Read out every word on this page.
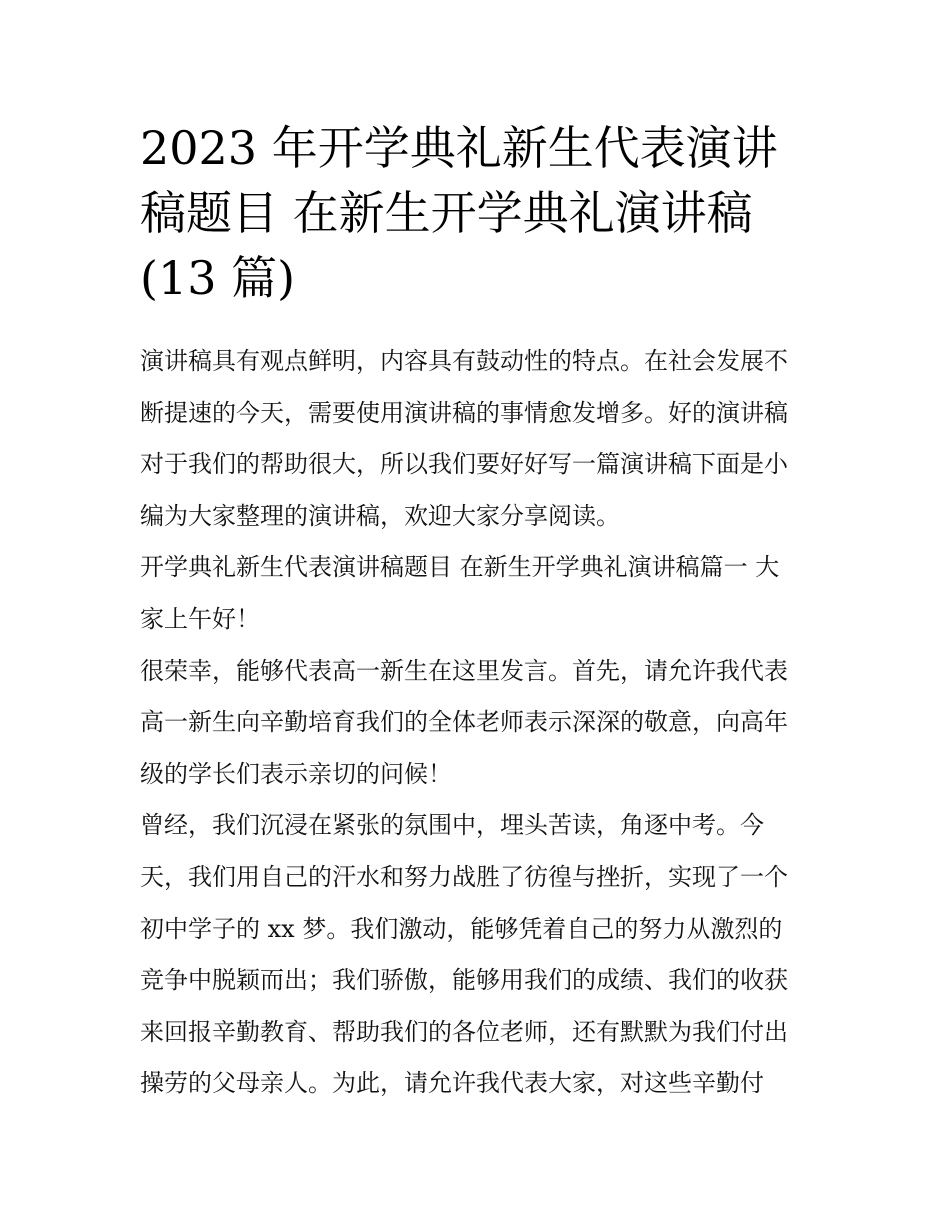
2023 年开学典礼新生代表演讲
稿题目 在新生开学典礼演讲稿
(13 篇)

演讲稿具有观点鲜明，内容具有鼓动性的特点。在社会发展不
断提速的今天，需要使用演讲稿的事情愈发增多。好的演讲稿
对于我们的帮助很大，所以我们要好好写一篇演讲稿下面是小
编为大家整理的演讲稿，欢迎大家分享阅读。

开学典礼新生代表演讲稿题目 在新生开学典礼演讲稿篇一 大
家上午好！

很荣幸，能够代表高一新生在这里发言。首先，请允许我代表
高一新生向辛勤培育我们的全体老师表示深深的敬意，向高年
级的学长们表示亲切的问候！

曾经，我们沉浸在紧张的氛围中，埋头苦读，角逐中考。今
天，我们用自己的汗水和努力战胜了彷徨与挫折，实现了一个
初中学子的 xx 梦。我们激动，能够凭着自己的努力从激烈的
竞争中脱颖而出；我们骄傲，能够用我们的成绩、我们的收获
来回报辛勤教育、帮助我们的各位老师，还有默默为我们付出
操劳的父母亲人。为此，请允许我代表大家，对这些辛勤付
